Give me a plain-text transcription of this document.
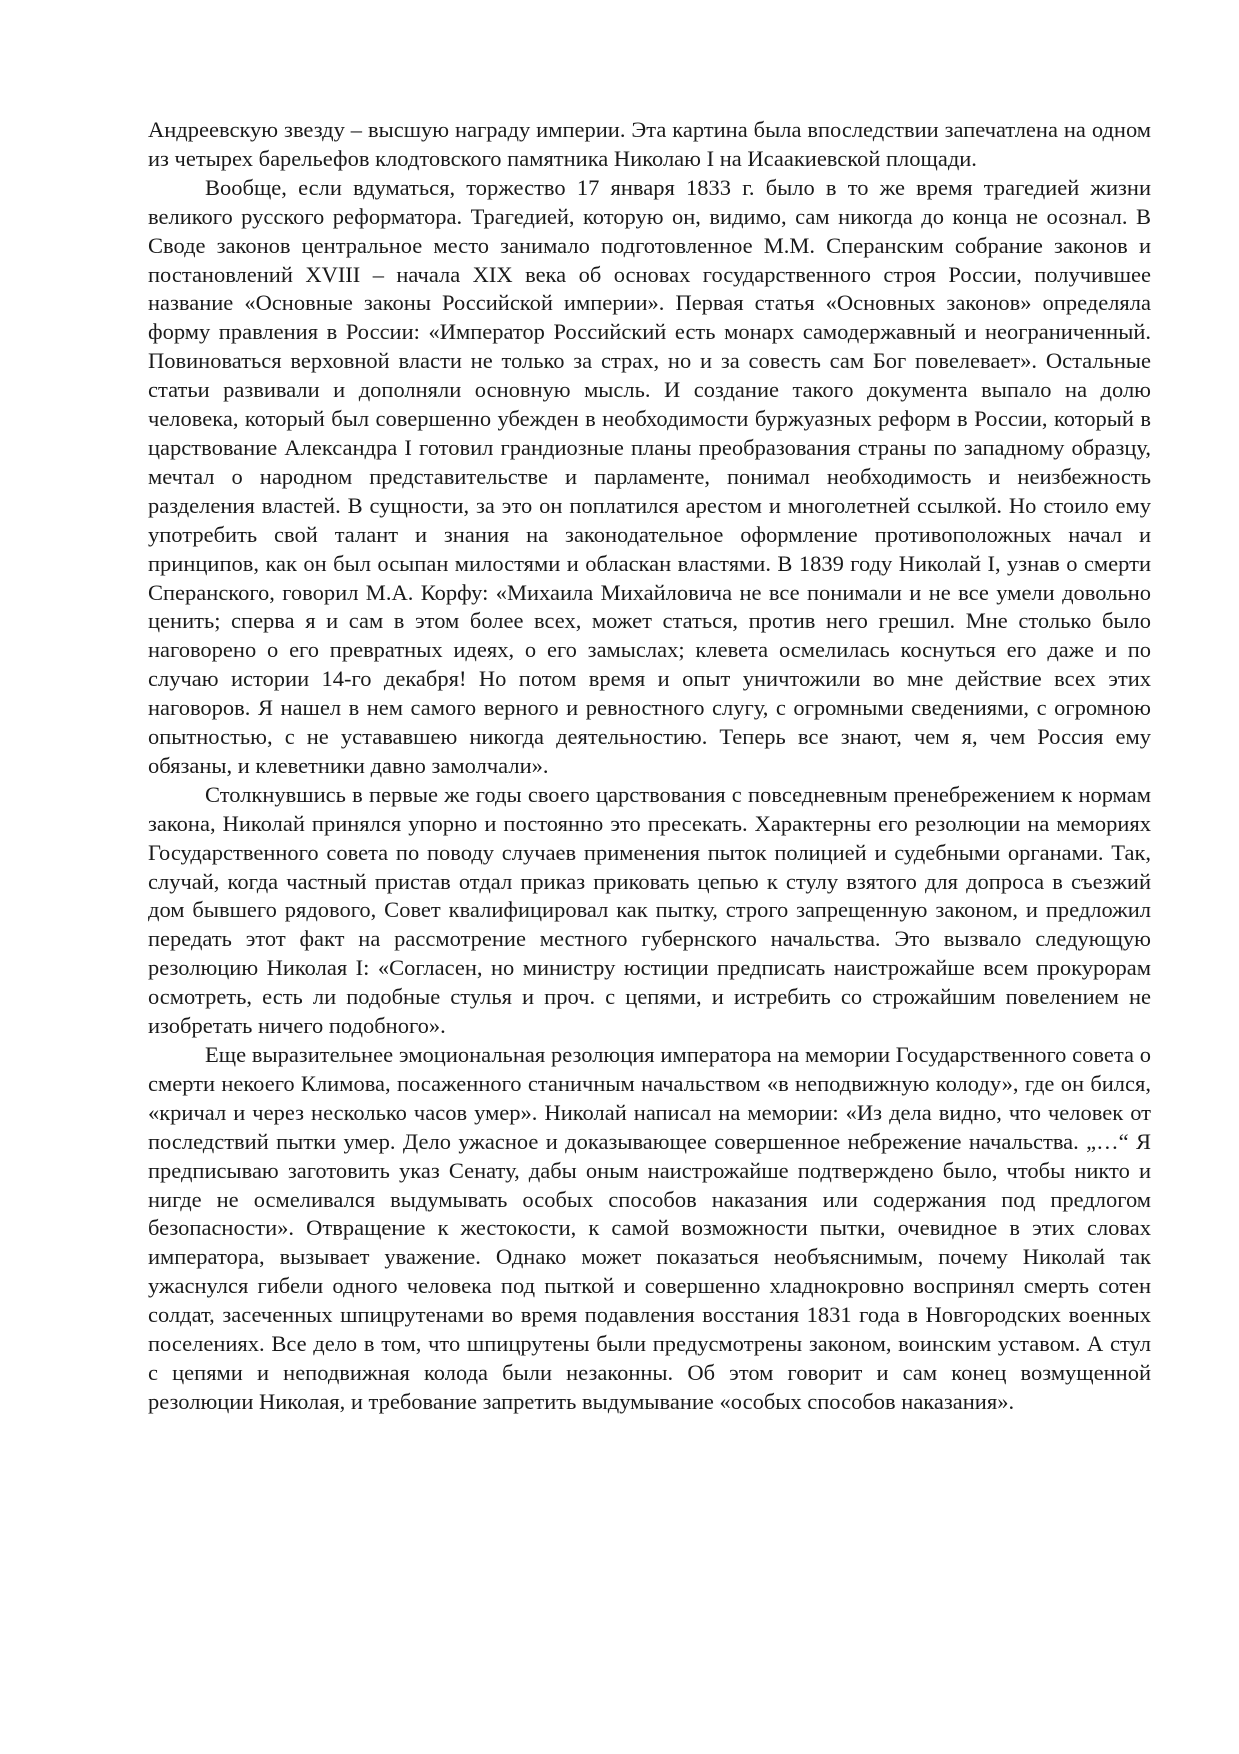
Андреевскую звезду – высшую награду империи. Эта картина была впоследствии запечатлена на одном из четырех барельефов клодтовского памятника Николаю I на Исаакиевской площади.

Вообще, если вдуматься, торжество 17 января 1833 г. было в то же время трагедией жизни великого русского реформатора. Трагедией, которую он, видимо, сам никогда до конца не осознал. В Своде законов центральное место занимало подготовленное М.М. Сперанским собрание законов и постановлений XVIII – начала XIX века об основах государственного строя России, получившее название «Основные законы Российской империи». Первая статья «Основных законов» определяла форму правления в России: «Император Российский есть монарх самодержавный и неограниченный. Повиноваться верховной власти не только за страх, но и за совесть сам Бог повелевает». Остальные статьи развивали и дополняли основную мысль. И создание такого документа выпало на долю человека, который был совершенно убежден в необходимости буржуазных реформ в России, который в царствование Александра I готовил грандиозные планы преобразования страны по западному образцу, мечтал о народном представительстве и парламенте, понимал необходимость и неизбежность разделения властей. В сущности, за это он поплатился арестом и многолетней ссылкой. Но стоило ему употребить свой талант и знания на законодательное оформление противоположных начал и принципов, как он был осыпан милостями и обласкан властями. В 1839 году Николай I, узнав о смерти Сперанского, говорил М.А. Корфу: «Михаила Михайловича не все понимали и не все умели довольно ценить; сперва я и сам в этом более всех, может статься, против него грешил. Мне столько было наговорено о его превратных идеях, о его замыслах; клевета осмелилась коснуться его даже и по случаю истории 14-го декабря! Но потом время и опыт уничтожили во мне действие всех этих наговоров. Я нашел в нем самого верного и ревностного слугу, с огромными сведениями, с огромною опытностью, с не устававшею никогда деятельностию. Теперь все знают, чем я, чем Россия ему обязаны, и клеветники давно замолчали».

Столкнувшись в первые же годы своего царствования с повседневным пренебрежением к нормам закона, Николай принялся упорно и постоянно это пресекать. Характерны его резолюции на мемориях Государственного совета по поводу случаев применения пыток полицией и судебными органами. Так, случай, когда частный пристав отдал приказ приковать цепью к стулу взятого для допроса в съезжий дом бывшего рядового, Совет квалифицировал как пытку, строго запрещенную законом, и предложил передать этот факт на рассмотрение местного губернского начальства. Это вызвало следующую резолюцию Николая I: «Согласен, но министру юстиции предписать наистрожайше всем прокурорам осмотреть, есть ли подобные стулья и проч. с цепями, и истребить со строжайшим повелением не изобретать ничего подобного».

Еще выразительнее эмоциональная резолюция императора на мемории Государственного совета о смерти некоего Климова, посаженного станичным начальством «в неподвижную колоду», где он бился, «кричал и через несколько часов умер». Николай написал на мемории: «Из дела видно, что человек от последствий пытки умер. Дело ужасное и доказывающее совершенное небрежение начальства. „…“ Я предписываю заготовить указ Сенату, дабы оным наистрожайше подтверждено было, чтобы никто и нигде не осмеливался выдумывать особых способов наказания или содержания под предлогом безопасности». Отвращение к жестокости, к самой возможности пытки, очевидное в этих словах императора, вызывает уважение. Однако может показаться необъяснимым, почему Николай так ужаснулся гибели одного человека под пыткой и совершенно хладнокровно воспринял смерть сотен солдат, засеченных шпицрутенами во время подавления восстания 1831 года в Новгородских военных поселениях. Все дело в том, что шпицрутены были предусмотрены законом, воинским уставом. А стул с цепями и неподвижная колода были незаконны. Об этом говорит и сам конец возмущенной резолюции Николая, и требование запретить выдумывание «особых способов наказания».
